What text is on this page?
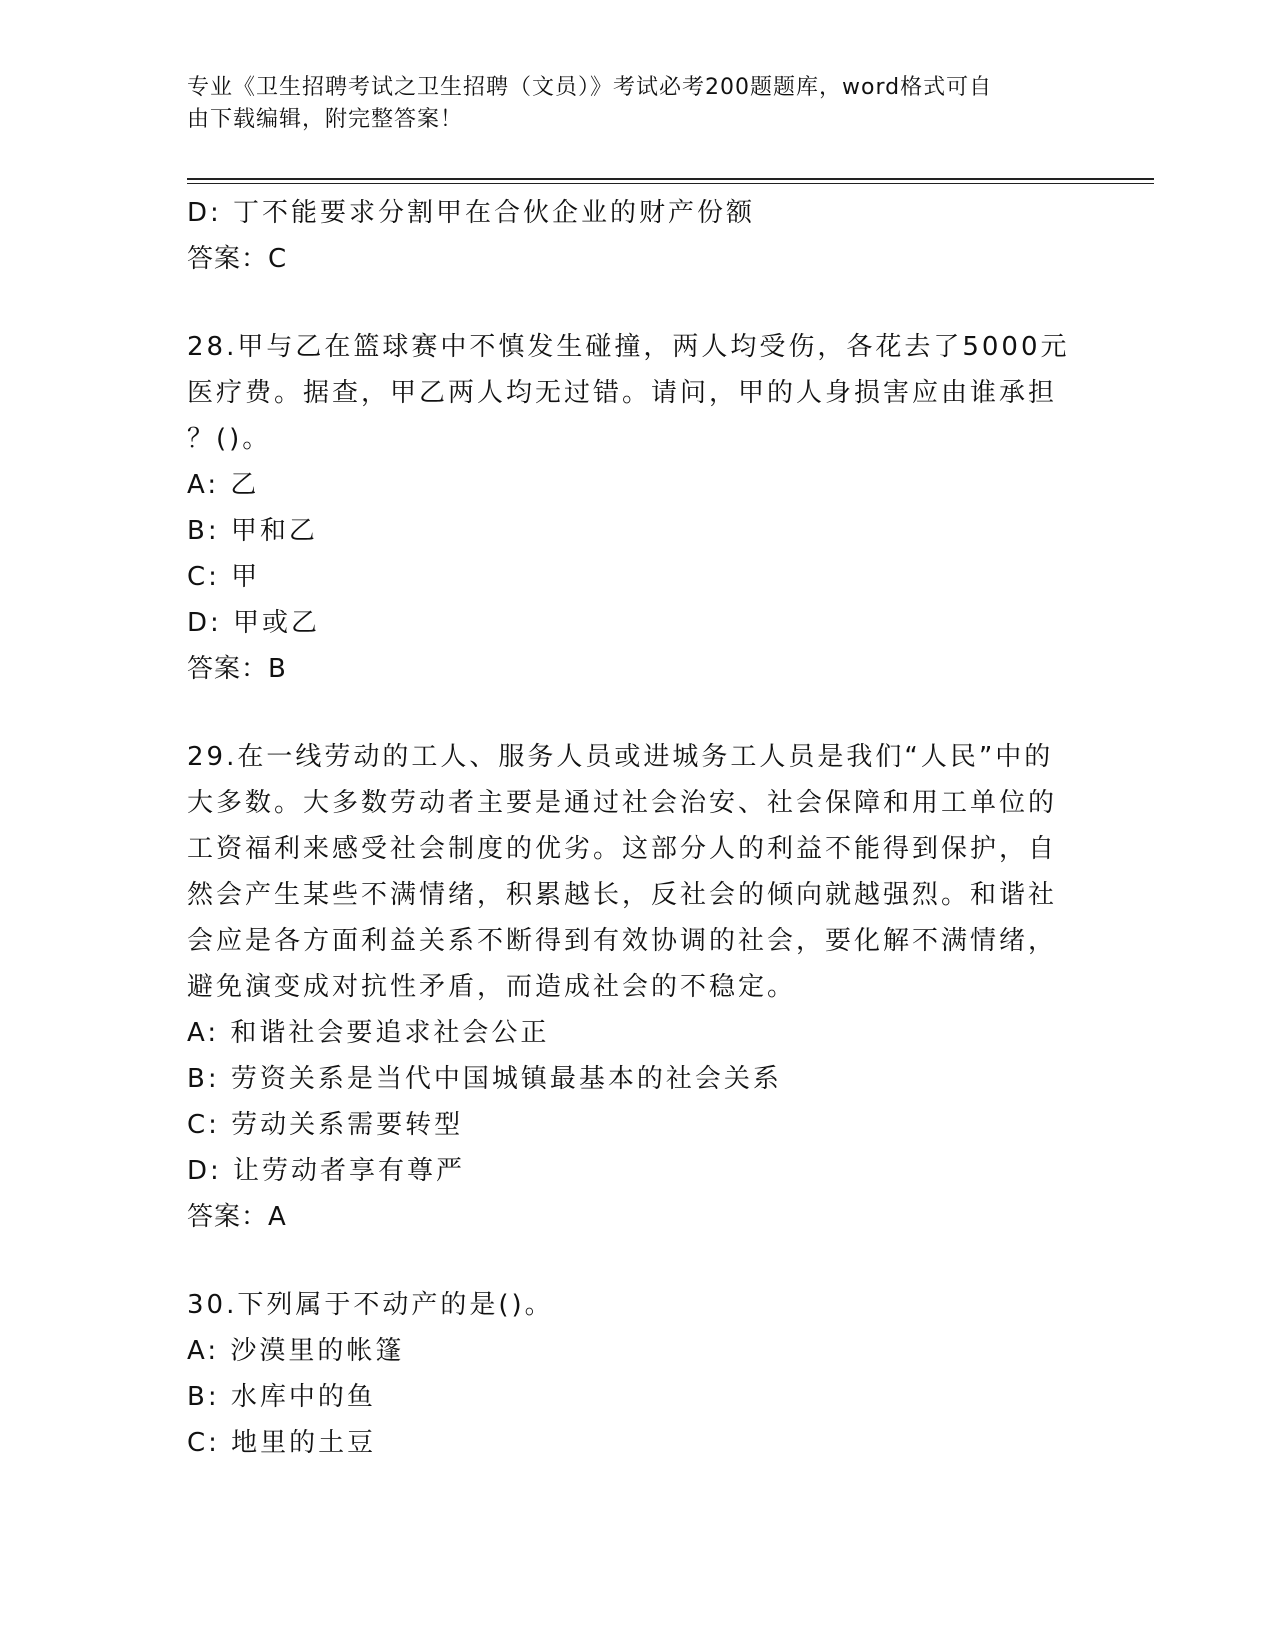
专业《卫生招聘考试之卫生招聘（文员）》考试必考200题题库，word格式可自
由下载编辑，附完整答案！
D: 丁不能要求分割甲在合伙企业的财产份额
答案：C
28.甲与乙在篮球赛中不慎发生碰撞，两人均受伤，各花去了5000元
医疗费。据查，甲乙两人均无过错。请问，甲的人身损害应由谁承担
？()。
A: 乙
B: 甲和乙
C: 甲
D: 甲或乙
答案：B
29.在一线劳动的工人、服务人员或进城务工人员是我们“人民”中的
大多数。大多数劳动者主要是通过社会治安、社会保障和用工单位的
工资福利来感受社会制度的优劣。这部分人的利益不能得到保护，自
然会产生某些不满情绪，积累越长，反社会的倾向就越强烈。和谐社
会应是各方面利益关系不断得到有效协调的社会，要化解不满情绪，
避免演变成对抗性矛盾，而造成社会的不稳定。
A: 和谐社会要追求社会公正
B: 劳资关系是当代中国城镇最基本的社会关系
C: 劳动关系需要转型
D: 让劳动者享有尊严
答案：A
30.下列属于不动产的是()。
A: 沙漠里的帐篷
B: 水库中的鱼
C: 地里的土豆
